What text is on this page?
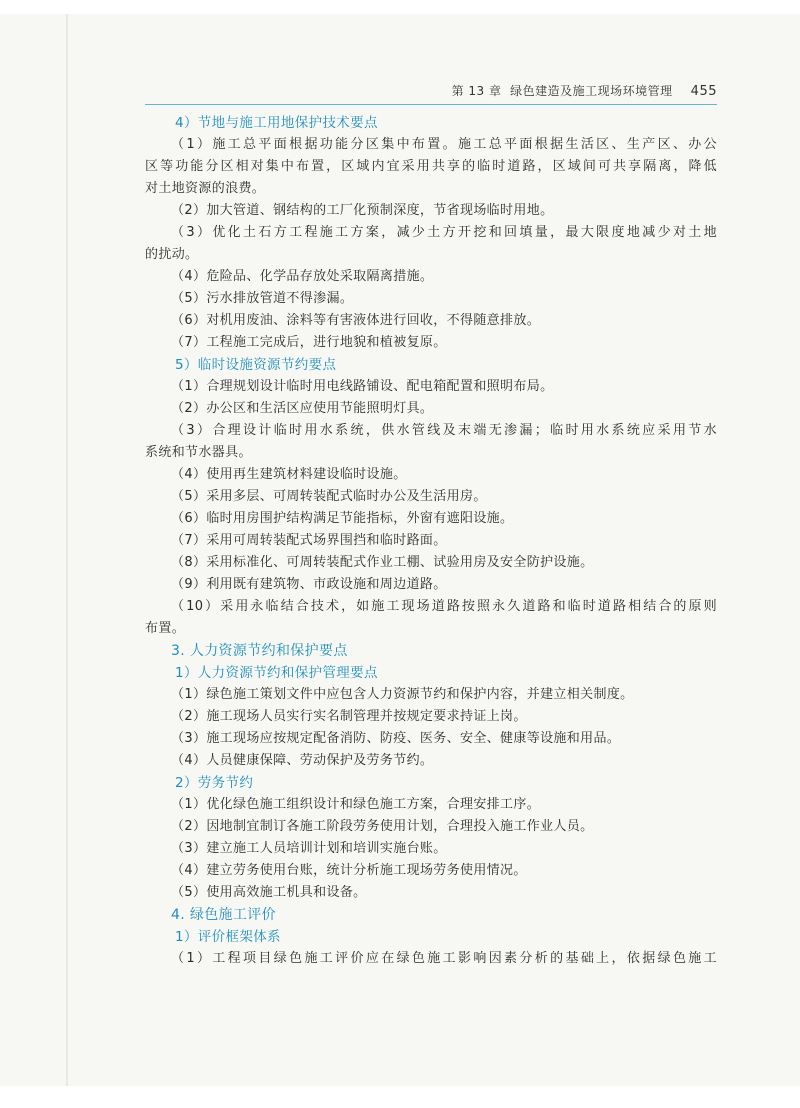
第 13 章 绿色建造及施工现场环境管理 455
4）节地与施工用地保护技术要点
（1）施工总平面根据功能分区集中布置。施工总平面根据生活区、生产区、办公
区等功能分区相对集中布置，区域内宜采用共享的临时道路，区域间可共享隔离，降低
对土地资源的浪费。
（2）加大管道、钢结构的工厂化预制深度，节省现场临时用地。
（3）优化土石方工程施工方案，减少土方开挖和回填量，最大限度地减少对土地
的扰动。
（4）危险品、化学品存放处采取隔离措施。
（5）污水排放管道不得渗漏。
（6）对机用废油、涂料等有害液体进行回收，不得随意排放。
（7）工程施工完成后，进行地貌和植被复原。
5）临时设施资源节约要点
（1）合理规划设计临时用电线路铺设、配电箱配置和照明布局。
（2）办公区和生活区应使用节能照明灯具。
（3）合理设计临时用水系统，供水管线及末端无渗漏；临时用水系统应采用节水
系统和节水器具。
（4）使用再生建筑材料建设临时设施。
（5）采用多层、可周转装配式临时办公及生活用房。
（6）临时用房围护结构满足节能指标，外窗有遮阳设施。
（7）采用可周转装配式场界围挡和临时路面。
（8）采用标准化、可周转装配式作业工棚、试验用房及安全防护设施。
（9）利用既有建筑物、市政设施和周边道路。
（10）采用永临结合技术，如施工现场道路按照永久道路和临时道路相结合的原则
布置。
3. 人力资源节约和保护要点
1）人力资源节约和保护管理要点
（1）绿色施工策划文件中应包含人力资源节约和保护内容，并建立相关制度。
（2）施工现场人员实行实名制管理并按规定要求持证上岗。
（3）施工现场应按规定配备消防、防疫、医务、安全、健康等设施和用品。
（4）人员健康保障、劳动保护及劳务节约。
2）劳务节约
（1）优化绿色施工组织设计和绿色施工方案，合理安排工序。
（2）因地制宜制订各施工阶段劳务使用计划，合理投入施工作业人员。
（3）建立施工人员培训计划和培训实施台账。
（4）建立劳务使用台账，统计分析施工现场劳务使用情况。
（5）使用高效施工机具和设备。
4. 绿色施工评价
1）评价框架体系
（1）工程项目绿色施工评价应在绿色施工影响因素分析的基础上，依据绿色施工
